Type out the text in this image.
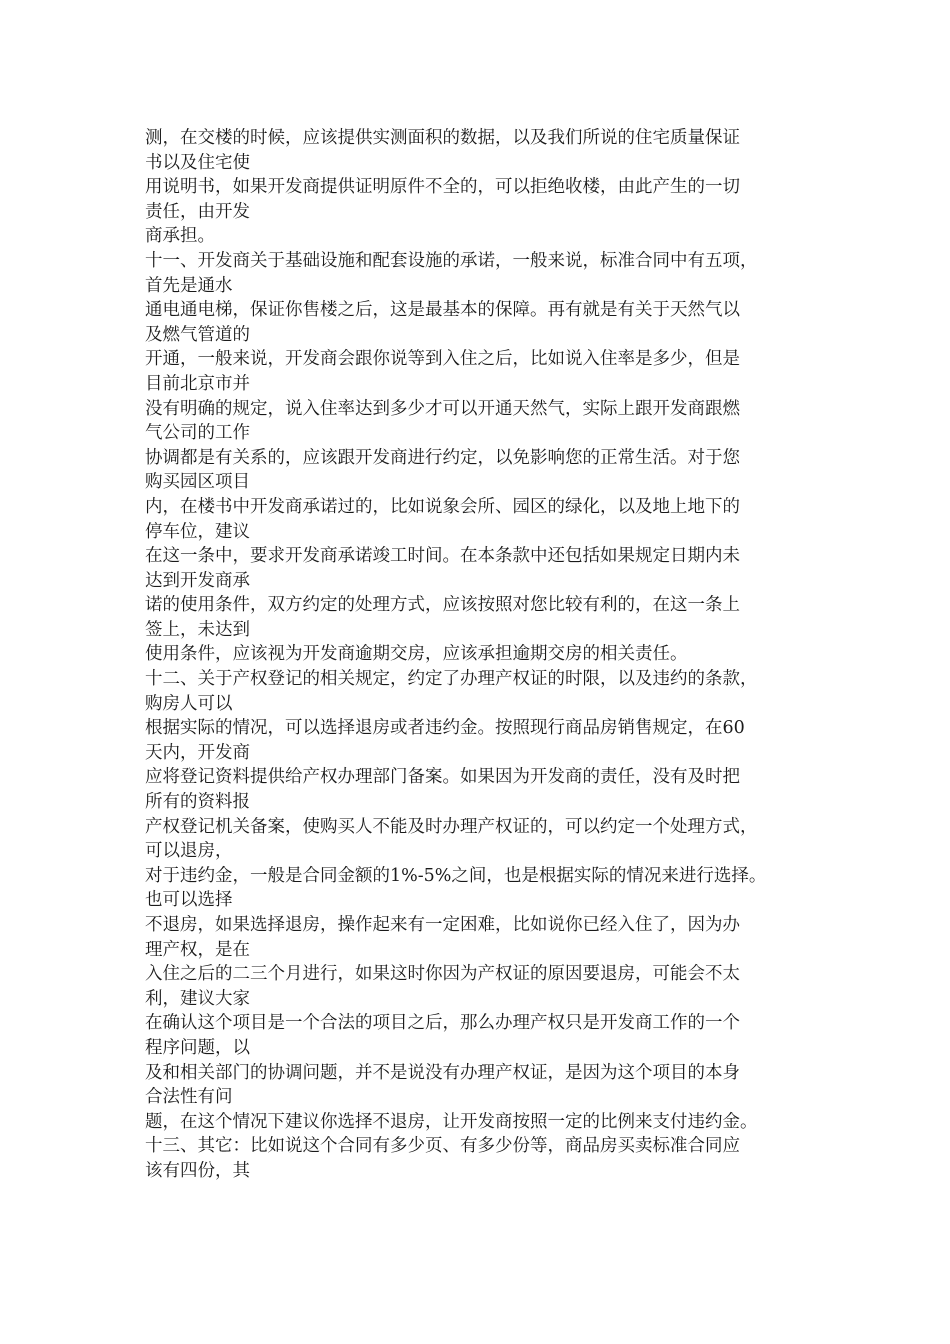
测，在交楼的时候，应该提供实测面积的数据，以及我们所说的住宅质量保证
书以及住宅使
用说明书，如果开发商提供证明原件不全的，可以拒绝收楼，由此产生的一切
责任，由开发
商承担。
十一、开发商关于基础设施和配套设施的承诺，一般来说，标准合同中有五项，
首先是通水
通电通电梯，保证你售楼之后，这是最基本的保障。再有就是有关于天然气以
及燃气管道的
开通，一般来说，开发商会跟你说等到入住之后，比如说入住率是多少，但是
目前北京市并
没有明确的规定，说入住率达到多少才可以开通天然气，实际上跟开发商跟燃
气公司的工作
协调都是有关系的，应该跟开发商进行约定，以免影响您的正常生活。对于您
购买园区项目
内，在楼书中开发商承诺过的，比如说象会所、园区的绿化，以及地上地下的
停车位，建议
在这一条中，要求开发商承诺竣工时间。在本条款中还包括如果规定日期内未
达到开发商承
诺的使用条件，双方约定的处理方式，应该按照对您比较有利的，在这一条上
签上，未达到
使用条件，应该视为开发商逾期交房，应该承担逾期交房的相关责任。
十二、关于产权登记的相关规定，约定了办理产权证的时限，以及违约的条款，
购房人可以
根据实际的情况，可以选择退房或者违约金。按照现行商品房销售规定，在60
天内，开发商
应将登记资料提供给产权办理部门备案。如果因为开发商的责任，没有及时把
所有的资料报
产权登记机关备案，使购买人不能及时办理产权证的，可以约定一个处理方式，
可以退房，
对于违约金，一般是合同金额的1%-5%之间，也是根据实际的情况来进行选择。
也可以选择
不退房，如果选择退房，操作起来有一定困难，比如说你已经入住了，因为办
理产权，是在
入住之后的二三个月进行，如果这时你因为产权证的原因要退房，可能会不太
利，建议大家
在确认这个项目是一个合法的项目之后，那么办理产权只是开发商工作的一个
程序问题，以
及和相关部门的协调问题，并不是说没有办理产权证，是因为这个项目的本身
合法性有问
题，在这个情况下建议你选择不退房，让开发商按照一定的比例来支付违约金。
十三、其它：比如说这个合同有多少页、有多少份等，商品房买卖标准合同应
该有四份，其
